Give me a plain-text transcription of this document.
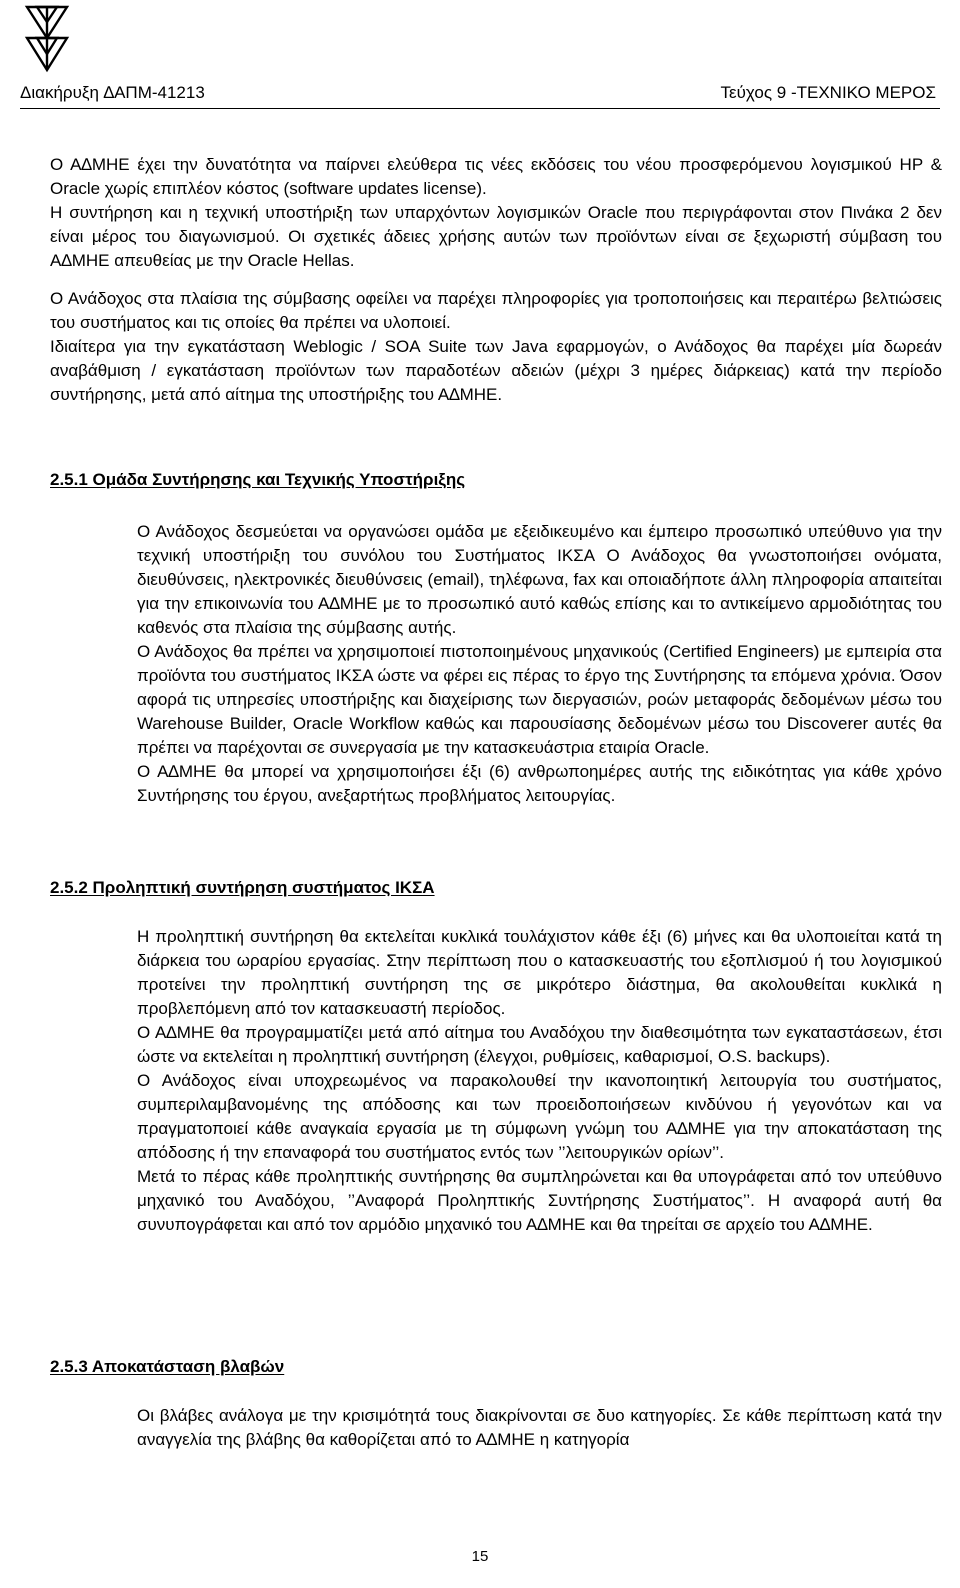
Διακήρυξη ∆ΑΠΜ-41213	Τεύχος 9 -ΤΕΧΝΙΚΟ ΜΕΡΟΣ

Ο Α∆ΜΗΕ έχει την δυνατότητα να παίρνει ελεύθερα τις νέες εκδόσεις του νέου προσφερόμενου λογισμικού HP & Oracle χωρίς επιπλέον κόστος (software updates license).

Η συντήρηση και η τεχνική υποστήριξη των υπαρχόντων λογισμικών Oracle που περιγράφονται στον Πινάκα 2 δεν είναι μέρος του διαγωνισμού. Οι σχετικές άδειες χρήσης αυτών των προϊόντων είναι σε ξεχωριστή σύμβαση του Α∆ΜΗΕ απευθείας με την Oracle Hellas.

Ο Ανάδοχος στα πλαίσια της σύμβασης οφείλει να παρέχει πληροφορίες για τροποποιήσεις και περαιτέρω βελτιώσεις του συστήματος και τις οποίες θα πρέπει να υλοποιεί.

Ιδιαίτερα για την εγκατάσταση Weblogic / SOA Suite των Java εφαρμογών, ο Ανάδοχος θα παρέχει μία δωρεάν αναβάθμιση / εγκατάσταση προϊόντων των παραδοτέων αδειών (μέχρι 3 ημέρες διάρκειας) κατά την περίοδο συντήρησης, μετά από αίτημα της υποστήριξης του Α∆ΜΗΕ.

2.5.1 Ομάδα Συντήρησης και Τεχνικής Υποστήριξης

Ο Ανάδοχος δεσμεύεται να οργανώσει ομάδα με εξειδικευμένο και έμπειρο προσωπικό υπεύθυνο για την τεχνική υποστήριξη του συνόλου του Συστήματος ΙΚΣΑ Ο Ανάδοχος θα γνωστοποιήσει ονόματα, διευθύνσεις, ηλεκτρονικές διευθύνσεις (email), τηλέφωνα, fax και οποιαδήποτε άλλη πληροφορία απαιτείται για την επικοινωνία του Α∆ΜΗΕ με το προσωπικό αυτό καθώς επίσης και το αντικείμενο αρμοδιότητας του καθενός στα πλαίσια της σύμβασης αυτής.

Ο Ανάδοχος θα πρέπει να χρησιμοποιεί πιστοποιημένους μηχανικούς (Certified Engineers) με εμπειρία στα προϊόντα του συστήματος ΙΚΣΑ ώστε να φέρει εις πέρας το έργο της Συντήρησης τα επόμενα χρόνια. Όσον αφορά τις υπηρεσίες υποστήριξης και διαχείρισης των διεργασιών, ροών μεταφοράς δεδομένων μέσω του Warehouse Builder, Oracle Workflow καθώς και παρουσίασης δεδομένων μέσω του Discoverer αυτές θα πρέπει να παρέχονται σε συνεργασία με την κατασκευάστρια εταιρία Oracle.

Ο Α∆ΜΗΕ θα μπορεί να χρησιμοποιήσει έξι (6) ανθρωποημέρες αυτής της ειδικότητας για κάθε χρόνο Συντήρησης του έργου, ανεξαρτήτως προβλήματος λειτουργίας.

2.5.2 Προληπτική συντήρηση συστήματος ΙΚΣΑ

Η προληπτική συντήρηση θα εκτελείται κυκλικά τουλάχιστον κάθε έξι (6) μήνες και θα υλοποιείται κατά τη διάρκεια του ωραρίου εργασίας. Στην περίπτωση που ο κατασκευαστής του εξοπλισμού ή του λογισμικού προτείνει την προληπτική συντήρηση της σε μικρότερο διάστημα, θα ακολουθείται κυκλικά η προβλεπόμενη από τον κατασκευαστή περίοδος.

Ο Α∆ΜΗΕ θα προγραμματίζει μετά από αίτημα του Αναδόχου την διαθεσιμότητα των εγκαταστάσεων, έτσι ώστε να εκτελείται η προληπτική συντήρηση (έλεγχοι, ρυθμίσεις, καθαρισμοί, O.S. backups).

Ο Ανάδοχος είναι υποχρεωμένος να παρακολουθεί την ικανοποιητική λειτουργία του συστήματος, συμπεριλαμβανομένης της απόδοσης και των προειδοποιήσεων κινδύνου ή γεγονότων και να πραγματοποιεί κάθε αναγκαία εργασία με τη σύμφωνη γνώμη του Α∆ΜΗΕ για την αποκατάσταση της απόδοσης ή την επαναφορά του συστήματος εντός των ’’λειτουργικών ορίων’’.

Μετά το πέρας κάθε προληπτικής συντήρησης θα συμπληρώνεται και θα υπογράφεται από τον υπεύθυνο μηχανικό του Αναδόχου, ’’Αναφορά Προληπτικής Συντήρησης Συστήματος’’. Η αναφορά αυτή θα συνυπογράφεται και από τον αρμόδιο μηχανικό του Α∆ΜΗΕ και θα τηρείται σε αρχείο του Α∆ΜΗΕ.

2.5.3 Αποκατάσταση βλαβών

Οι βλάβες ανάλογα με την κρισιμότητά τους διακρίνονται σε δυο κατηγορίες. Σε κάθε περίπτωση κατά την αναγγελία της βλάβης θα καθορίζεται από το Α∆ΜΗΕ η κατηγορία

15
